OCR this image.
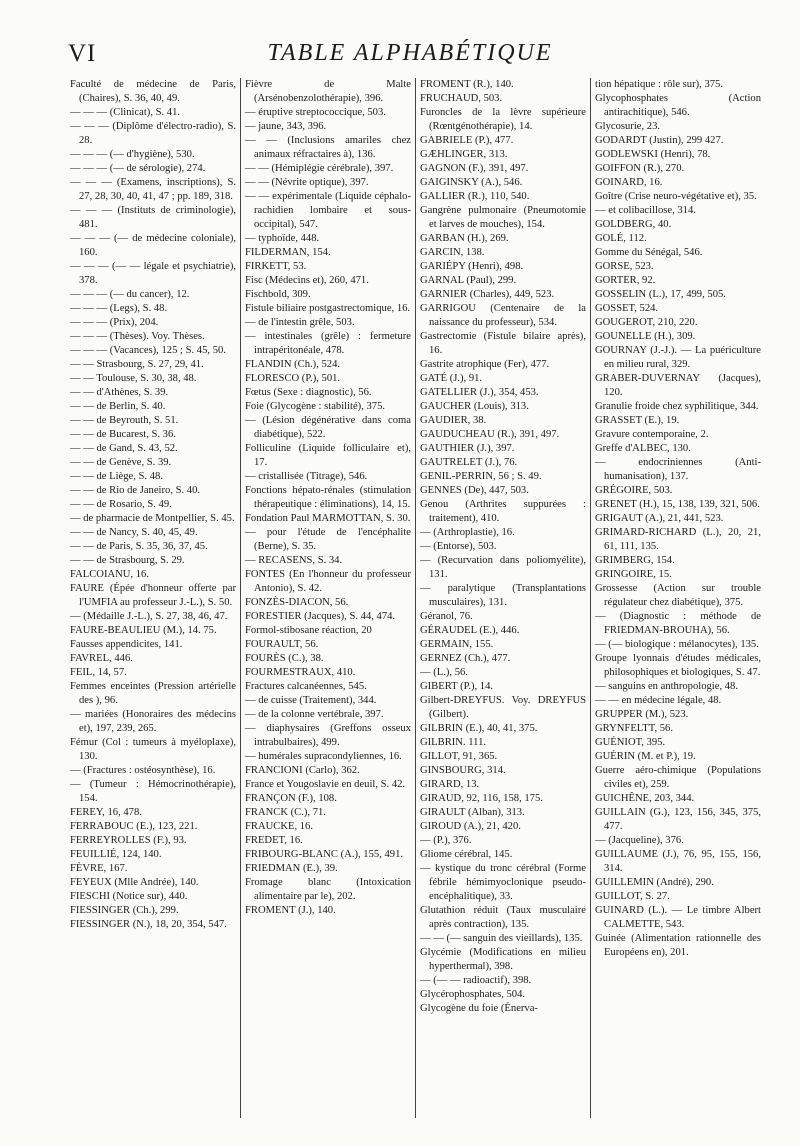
VI	TABLE ALPHABÉTIQUE
Faculté de médecine de Paris, (Chaires), S. 36, 40, 49.
— — — (Clinicat), S. 41.
— — — (Diplôme d'électro-radio), S. 28.
— — — (— d'hygiène), 530.
— — — (— de sérologie), 274.
— — — (Examens, inscriptions), S. 27, 28, 30, 40, 41, 47 ; pp. 189, 318.
— — — (Instituts de criminologie), 481.
— — — (— de médecine coloniale), 160.
— — — (— — légale et psychiatrie), 378.
— — — (— du cancer), 12.
— — — (Legs), S. 48.
— — — (Prix), 204.
— — — (Thèses). Voy. Thèses.
— — — (Vacances), 125 ; S. 45, 50.
— — Strasbourg, S. 27, 29, 41.
— — Toulouse, S. 30, 38, 48.
— — d'Athènes, S. 39.
— — de Berlin, S. 40.
— — de Beyrouth, S. 51.
— — de Bucarest, S. 36.
— — de Gand, S. 43, 52.
— — de Genève, S. 39.
— — de Liège, S. 48.
— — de Rio de Janeiro, S. 40.
— — de Rosario, S. 49.
— de pharmacie de Montpellier, S. 45.
— — de Nancy, S. 40, 45, 49.
— — de Paris, S. 35, 36, 37, 45.
— — de Strasbourg, S. 29.
FALCOIANU, 16.
FAURE (Épée d'honneur offerte par l'UMFIA au professeur J.-L.), S. 50.
— (Médaille J.-L.), S. 27, 38, 46, 47.
FAURE-BEAULIEU (M.), 14. 75.
Fausses appendicites, 141.
FAVREL, 446.
FEIL, 14, 57.
Femmes enceintes (Pression artérielle des ), 96.
— mariées (Honoraires des médecins et), 197, 239, 265.
Fémur (Col : tumeurs à myéloplaxe), 130.
— (Fractures : ostéosynthèse), 16.
— (Tumeur : Hémocrinothérapie), 154.
FEREY, 16, 478.
FERRABOUC (E.), 123, 221.
FERREYROLLES (F.), 93.
FEUILLIÉ, 124, 140.
FÈVRE, 167.
FEYEUX (Mlle Andrée), 140.
FIESCHI (Notice sur), 440.
FIESSINGER (Ch.), 299.
FIESSINGER (N.), 18, 20, 354, 547.
Fièvre de Malte (Arsénobenzolothérapie), 396.
— éruptive streptococcique, 503.
— jaune, 343, 396.
— — (Inclusions amariles chez animaux réfractaires à), 136.
— — (Hémiplégie cérébrale), 397.
— — (Névrite optique), 397.
— — expérimentale (Liquide céphalo-rachidien lombaire et sous-occipital), 547.
— typhoïde, 448.
FILDERMAN, 154.
FIRKETT, 53.
Fisc (Médecins et), 260, 471.
Fischbold, 309.
Fistule biliaire postgastrectomique, 16.
— de l'intestin grêle, 503.
— intestinales (grêle) : fermeture intrapéritonéale, 478.
FLANDIN (Ch.), 524.
FLORESCO (P.), 501.
Fœtus (Sexe : diagnostic), 56.
Foie (Glycogène : stabilité), 375.
— (Lésion dégénérative dans coma diabétique), 522.
Folliculine (Liquide folliculaire et), 17.
— cristallisée (Titrage), 546.
Fonctions hépato-rénales (stimulation thérapeutique : éliminations), 14, 15.
Fondation Paul MARMOTTAN, S. 30.
— pour l'étude de l'encéphalite (Berne), S. 35.
— RECASENS, S. 34.
FONTES (En l'honneur du professeur Antonio), S. 42.
FONZÈS-DIACON, 56.
FORESTIER (Jacques), S. 44, 474.
Formol-stibosane réaction, 20
FOURAULT, 56.
FOURÈS (C.), 38.
FOURMESTRAUX, 410.
Fractures calcanéennes, 545.
— de cuisse (Traitement), 344.
— de la colonne vertébrale, 397.
— diaphysaires (Greffons osseux intrabulbaires), 499.
— humérales supracondyliennes, 16.
FRANCIONI (Carlo), 362.
France et Yougoslavie en deuil, S. 42.
FRANÇON (F.), 108.
FRANCK (C.), 71.
FRAUCKE, 16.
FREDET, 16.
FRIBOURG-BLANC (A.), 155, 491.
FRIEDMAN (E.), 39.
Fromage blanc (Intoxication alimentaire par le), 202.
FROMENT (J.), 140.
FROMENT (R.), 140.
FRUCHAUD, 503.
Furoncles de la lèvre supérieure (Rœntgénothérapie), 14.
GABRIELE (P.), 477.
GÆHLINGER, 313.
GAGNON (F.), 391, 497.
GAIGINSKY (A.), 546.
GALLIER (R.), 110, 540.
Gangrène pulmonaire (Pneumotomie et larves de mouches), 154.
GARBAN (H.), 269.
GARCIN, 138.
GARIÉPY (Henri), 498.
GARNAL (Paul), 299.
GARNIER (Charles), 449, 523.
GARRIGOU (Centenaire de la naissance du professeur), 534.
Gastrectomie (Fistule bilaire après), 16.
Gastrite atrophique (Fer), 477.
GATÉ (J.), 91.
GATELLIER (J.), 354, 453.
GAUCHER (Louis), 313.
GAUDIER, 38.
GAUDUCHEAU (R.), 391, 497.
GAUTHIER (J.), 397.
GAUTRELET (J.), 76.
GENIL-PERRIN, 56 ; S. 49.
GENNES (De), 447, 503.
Genou (Arthrites suppurées : traitement), 410.
— (Arthroplastie), 16.
— (Entorse), 503.
— (Recurvation dans poliomyélite), 131.
— paralytique (Transplantations musculaires), 131.
Géranol, 76.
GÉRAUDEL (E.), 446.
GERMAIN, 155.
GERNEZ (Ch.), 477.
— (L.), 56.
GIBERT (P.), 14.
Gilbert-DREYFUS. Voy. DREYFUS (Gilbert).
GILBRIN (E.), 40, 41, 375.
GILBRIN. 111.
GILLOT, 91, 365.
GINSBOURG, 314.
GIRARD, 13.
GIRAUD, 92, 116, 158, 175.
GIRAULT (Alban), 313.
GIROUD (A.), 21, 420.
— (P.), 376.
Gliome cérébral, 145.
— kystique du tronc cérébral (Forme fébrile hémimyoclonique pseudo-encéphalitique), 33.
Glutathion réduit (Taux musculaire après contraction), 135.
— — (— sanguin des vieillards), 135.
Glycémie (Modifications en milieu hyperthermal), 398.
— (— — radioactif), 398.
Glycérophosphates, 504.
Glycogène du foie (Énerva-
tion hépatique : rôle sur), 375.
Glycophosphates (Action antirachitique), 546.
Glycosurie, 23.
GODARDT (Justin), 299 427.
GODLEWSKI (Henri), 78.
GOIFFON (R.), 270.
GOINARD, 16.
Goître (Crise neuro-végétative et), 35.
— et colibacillose, 314.
GOLDBERG, 40.
GOLÉ, 112.
Gomme du Sénégal, 546.
GORSE, 523.
GORTER, 92.
GOSSELIN (L.), 17, 499, 505.
GOSSET, 524.
GOUGEROT, 210, 220.
GOUNELLE (H.), 309.
GOURNAY (J.-J.). — La puériculture en milieu rural, 329.
GRABER-DUVERNAY (Jacques), 120.
Granulie froide chez syphilitique, 344.
GRASSET (E.), 19.
Gravure contemporaine, 2.
Greffe d'ALBEC, 130.
— endocriniennes (Anti-humanisation), 137.
GRÉGOIRE, 503.
GRENET (H.), 15, 138, 139, 321, 506.
GRIGAUT (A.), 21, 441, 523.
GRIMARD-RICHARD (L.), 20, 21, 61, 111, 135.
GRIMBERG, 154.
GRINGOIRE, 15.
Grossesse (Action sur trouble régulateur chez diabétique), 375.
— (Diagnostic : méthode de FRIEDMAN-BROUHA), 56.
— (— biologique : mélanocytes), 135.
Groupe lyonnais d'études médicales, philosophiques et biologiques, S. 47.
— sanguins en anthropologie, 48.
— — en médecine légale, 48.
GRUPPER (M.), 523.
GRYNFELTT, 56.
GUÉNIOT, 395.
GUÉRIN (M. et P.), 19.
Guerre aéro-chimique (Populations civiles et), 259.
GUICHÊNE, 203, 344.
GUILLAIN (G.), 123, 156, 345, 375, 477.
— (Jacqueline), 376.
GUILLAUME (J.), 76, 95, 155, 156, 314.
GUILLEMIN (André), 290.
GUILLOT, S. 27.
GUINARD (L.). — Le timbre Albert CALMETTE, 543.
Guinée (Alimentation rationnelle des Européens en), 201.
